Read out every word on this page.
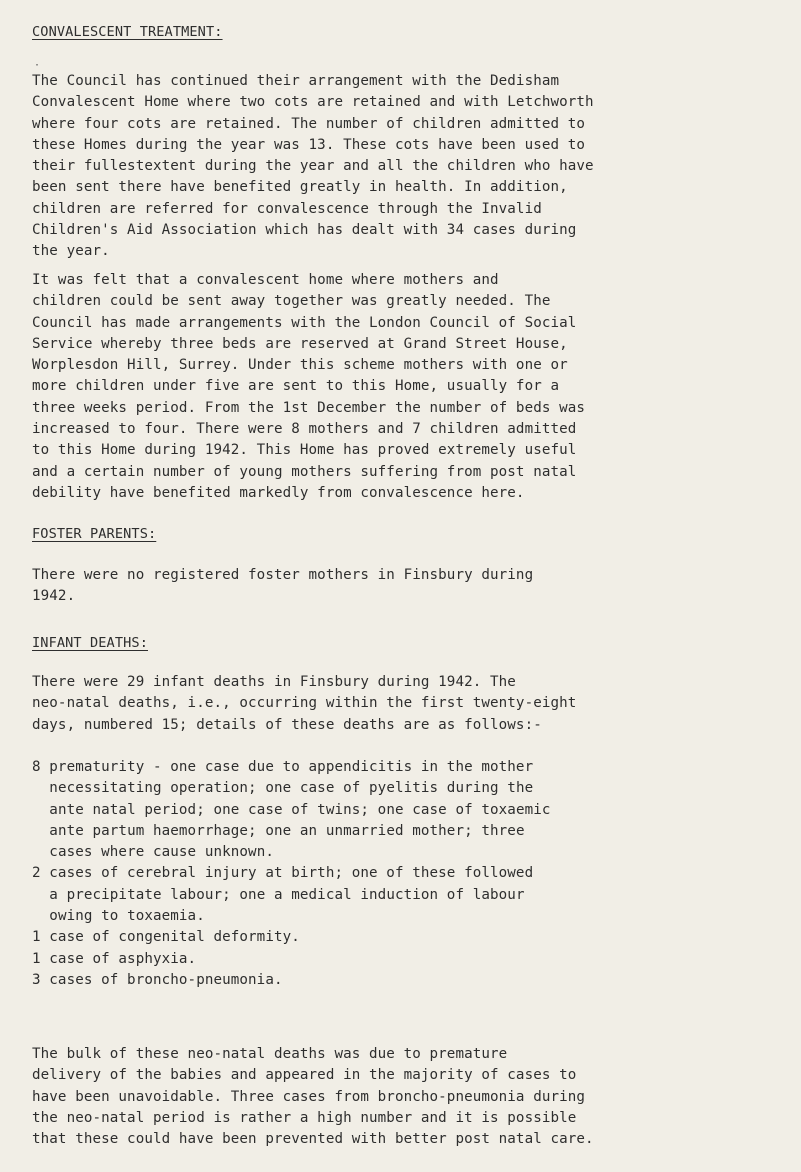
CONVALESCENT TREATMENT:
·

The Council has continued their arrangement with the Dedisham
Convalescent Home where two cots are retained and with Letchworth
where four cots are retained. The number of children admitted to
these Homes during the year was 13. These cots have been used to
their fullestextent during the year and all the children who have
been sent there have benefited greatly in health. In addition,
children are referred for convalescence through the Invalid
Children's Aid Association which has dealt with 34 cases during
the year.

It was felt that a convalescent home where mothers and
children could be sent away together was greatly needed. The
Council has made arrangements with the London Council of Social
Service whereby three beds are reserved at Grand Street House,
Worplesdon Hill, Surrey. Under this scheme mothers with one or
more children under five are sent to this Home, usually for a
three weeks period. From the 1st December the number of beds was
increased to four. There were 8 mothers and 7 children admitted
to this Home during 1942. This Home has proved extremely useful
and a certain number of young mothers suffering from post natal
debility have benefited markedly from convalescence here.

FOSTER PARENTS:

There were no registered foster mothers in Finsbury during
1942.

INFANT DEATHS:

There were 29 infant deaths in Finsbury during 1942. The
neo-natal deaths, i.e., occurring within the first twenty-eight
days, numbered 15; details of these deaths are as follows:-

8 prematurity - one case due to appendicitis in the mother
necessitating operation; one case of pyelitis during the
ante natal period; one case of twins; one case of toxaemic
ante partum haemorrhage; one an unmarried mother; three
cases where cause unknown.
2 cases of cerebral injury at birth; one of these followed
a precipitate labour; one a medical induction of labour
owing to toxaemia.
1 case of congenital deformity.
1 case of asphyxia.
3 cases of broncho-pneumonia.

The bulk of these neo-natal deaths was due to premature
delivery of the babies and appeared in the majority of cases to
have been unavoidable. Three cases from broncho-pneumonia during
the neo-natal period is rather a high number and it is possible
that these could have been prevented with better post natal care.
